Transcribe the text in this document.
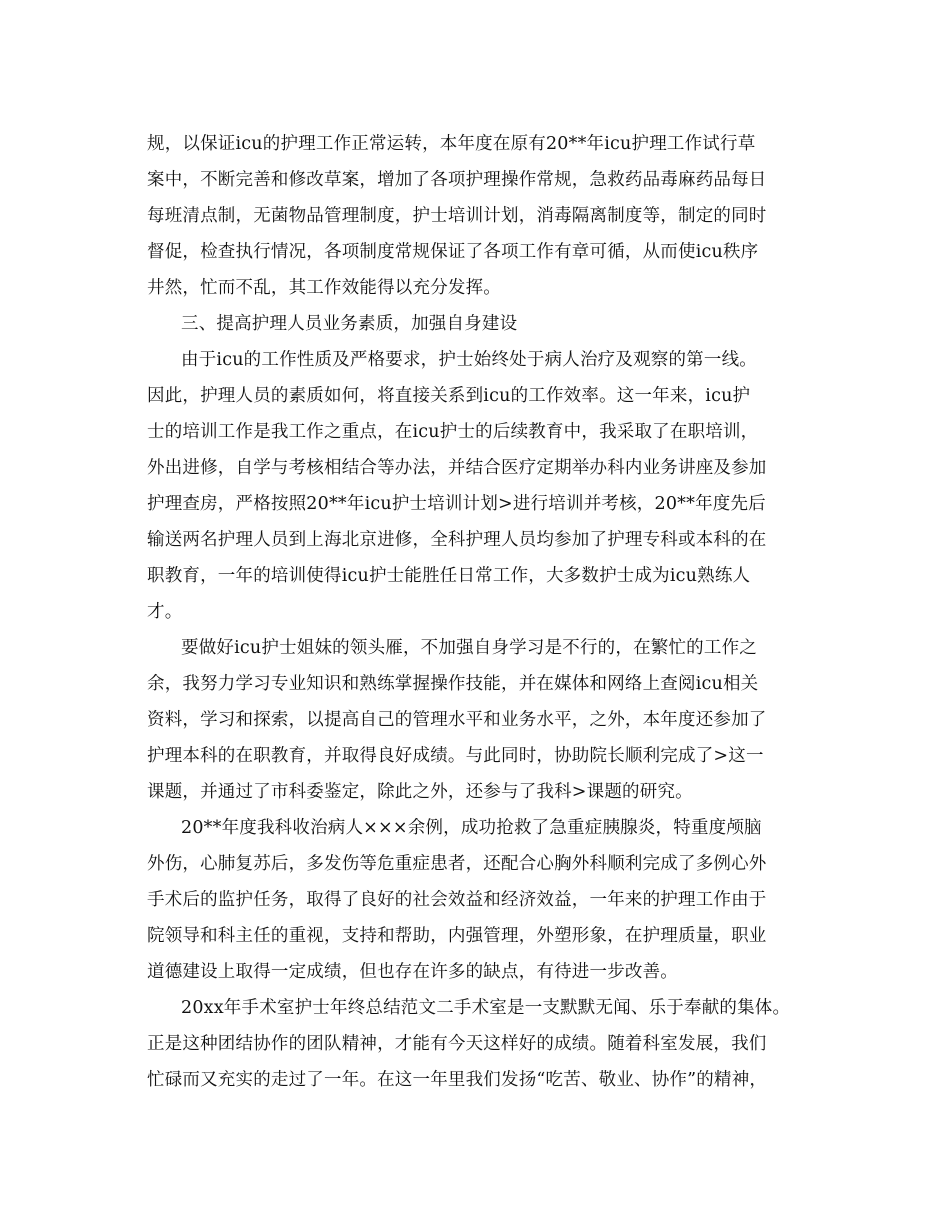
规，以保证icu的护理工作正常运转，本年度在原有20**年icu护理工作试行草
案中，不断完善和修改草案，增加了各项护理操作常规，急救药品毒麻药品每日
每班清点制，无菌物品管理制度，护士培训计划，消毒隔离制度等，制定的同时
督促，检查执行情况，各项制度常规保证了各项工作有章可循，从而使icu秩序
井然，忙而不乱，其工作效能得以充分发挥。
三、提高护理人员业务素质，加强自身建设
由于icu的工作性质及严格要求，护士始终处于病人治疗及观察的第一线。
因此，护理人员的素质如何，将直接关系到icu的工作效率。这一年来，icu护
士的培训工作是我工作之重点，在icu护士的后续教育中，我采取了在职培训，
外出进修，自学与考核相结合等办法，并结合医疗定期举办科内业务讲座及参加
护理查房，严格按照20**年icu护士培训计划>进行培训并考核，20**年度先后
输送两名护理人员到上海北京进修，全科护理人员均参加了护理专科或本科的在
职教育，一年的培训使得icu护士能胜任日常工作，大多数护士成为icu熟练人
才。
要做好icu护士姐妹的领头雁，不加强自身学习是不行的，在繁忙的工作之
余，我努力学习专业知识和熟练掌握操作技能，并在媒体和网络上查阅icu相关
资料，学习和探索，以提高自己的管理水平和业务水平，之外，本年度还参加了
护理本科的在职教育，并取得良好成绩。与此同时，协助院长顺利完成了>这一
课题，并通过了市科委鉴定，除此之外，还参与了我科>课题的研究。
20**年度我科收治病人×××余例，成功抢救了急重症胰腺炎，特重度颅脑
外伤，心肺复苏后，多发伤等危重症患者，还配合心胸外科顺利完成了多例心外
手术后的监护任务，取得了良好的社会效益和经济效益，一年来的护理工作由于
院领导和科主任的重视，支持和帮助，内强管理，外塑形象，在护理质量，职业
道德建设上取得一定成绩，但也存在许多的缺点，有待进一步改善。
20xx年手术室护士年终总结范文二手术室是一支默默无闻、乐于奉献的集体。
正是这种团结协作的团队精神，才能有今天这样好的成绩。随着科室发展，我们
忙碌而又充实的走过了一年。在这一年里我们发扬“吃苦、敬业、协作”的精神，
